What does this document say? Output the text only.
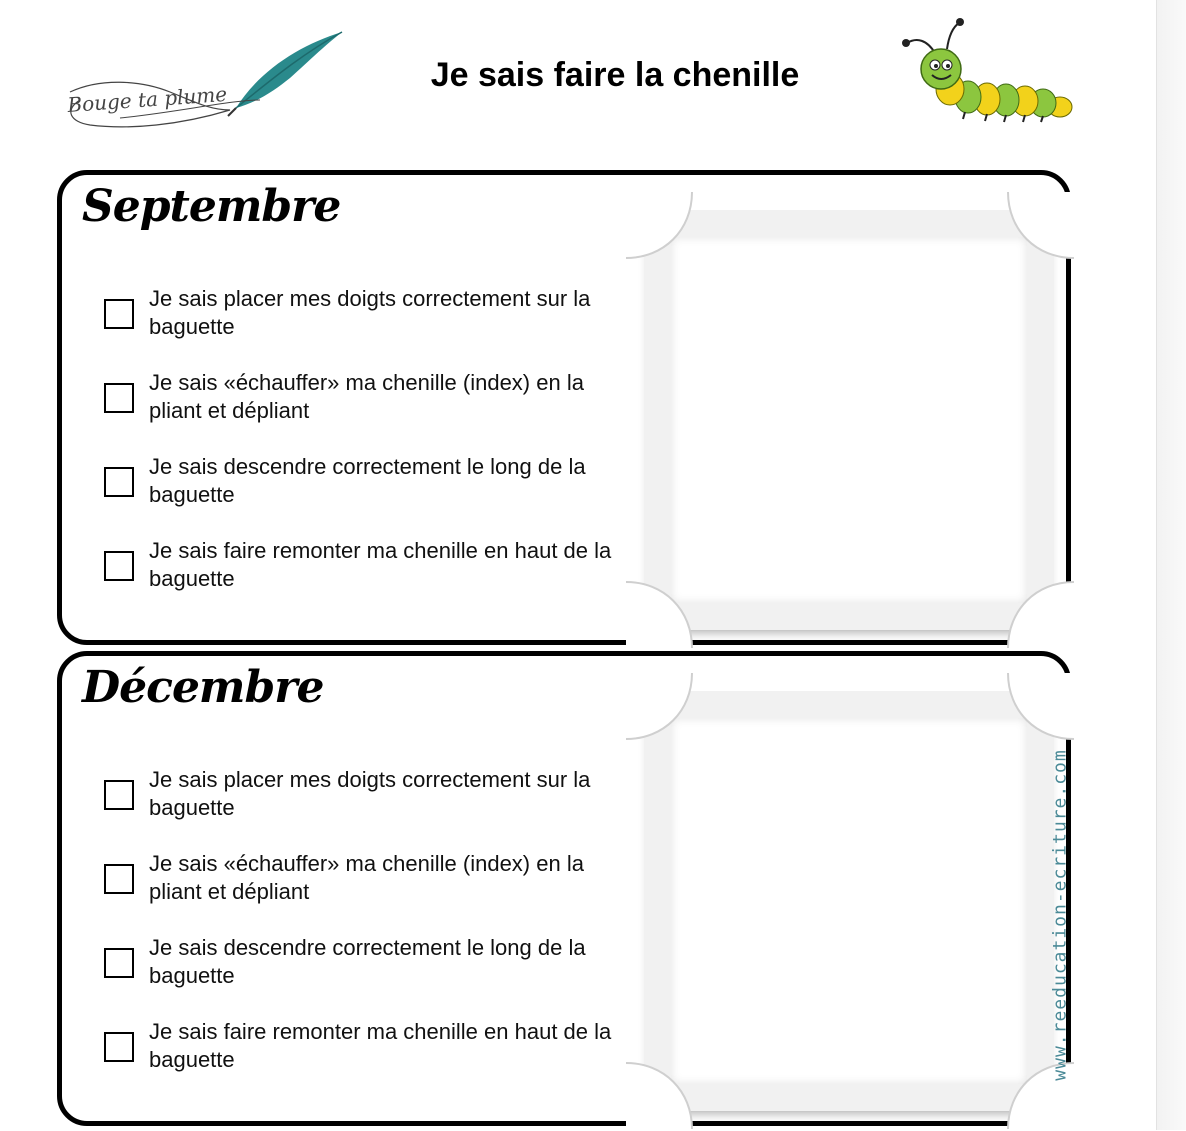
Bouge ta plume
Je sais faire la chenille
Septembre
Je sais placer mes doigts correctement sur la baguette
Je sais «échauffer» ma chenille (index) en la pliant et dépliant
Je sais descendre correctement le long de la baguette
Je sais faire remonter ma chenille en haut de la baguette
Décembre
Je sais placer mes doigts correctement sur la baguette
Je sais «échauffer» ma chenille (index) en la pliant et dépliant
Je sais descendre correctement le long de la baguette
Je sais faire remonter ma chenille en haut de la baguette	www.reeducation-ecriture.com
